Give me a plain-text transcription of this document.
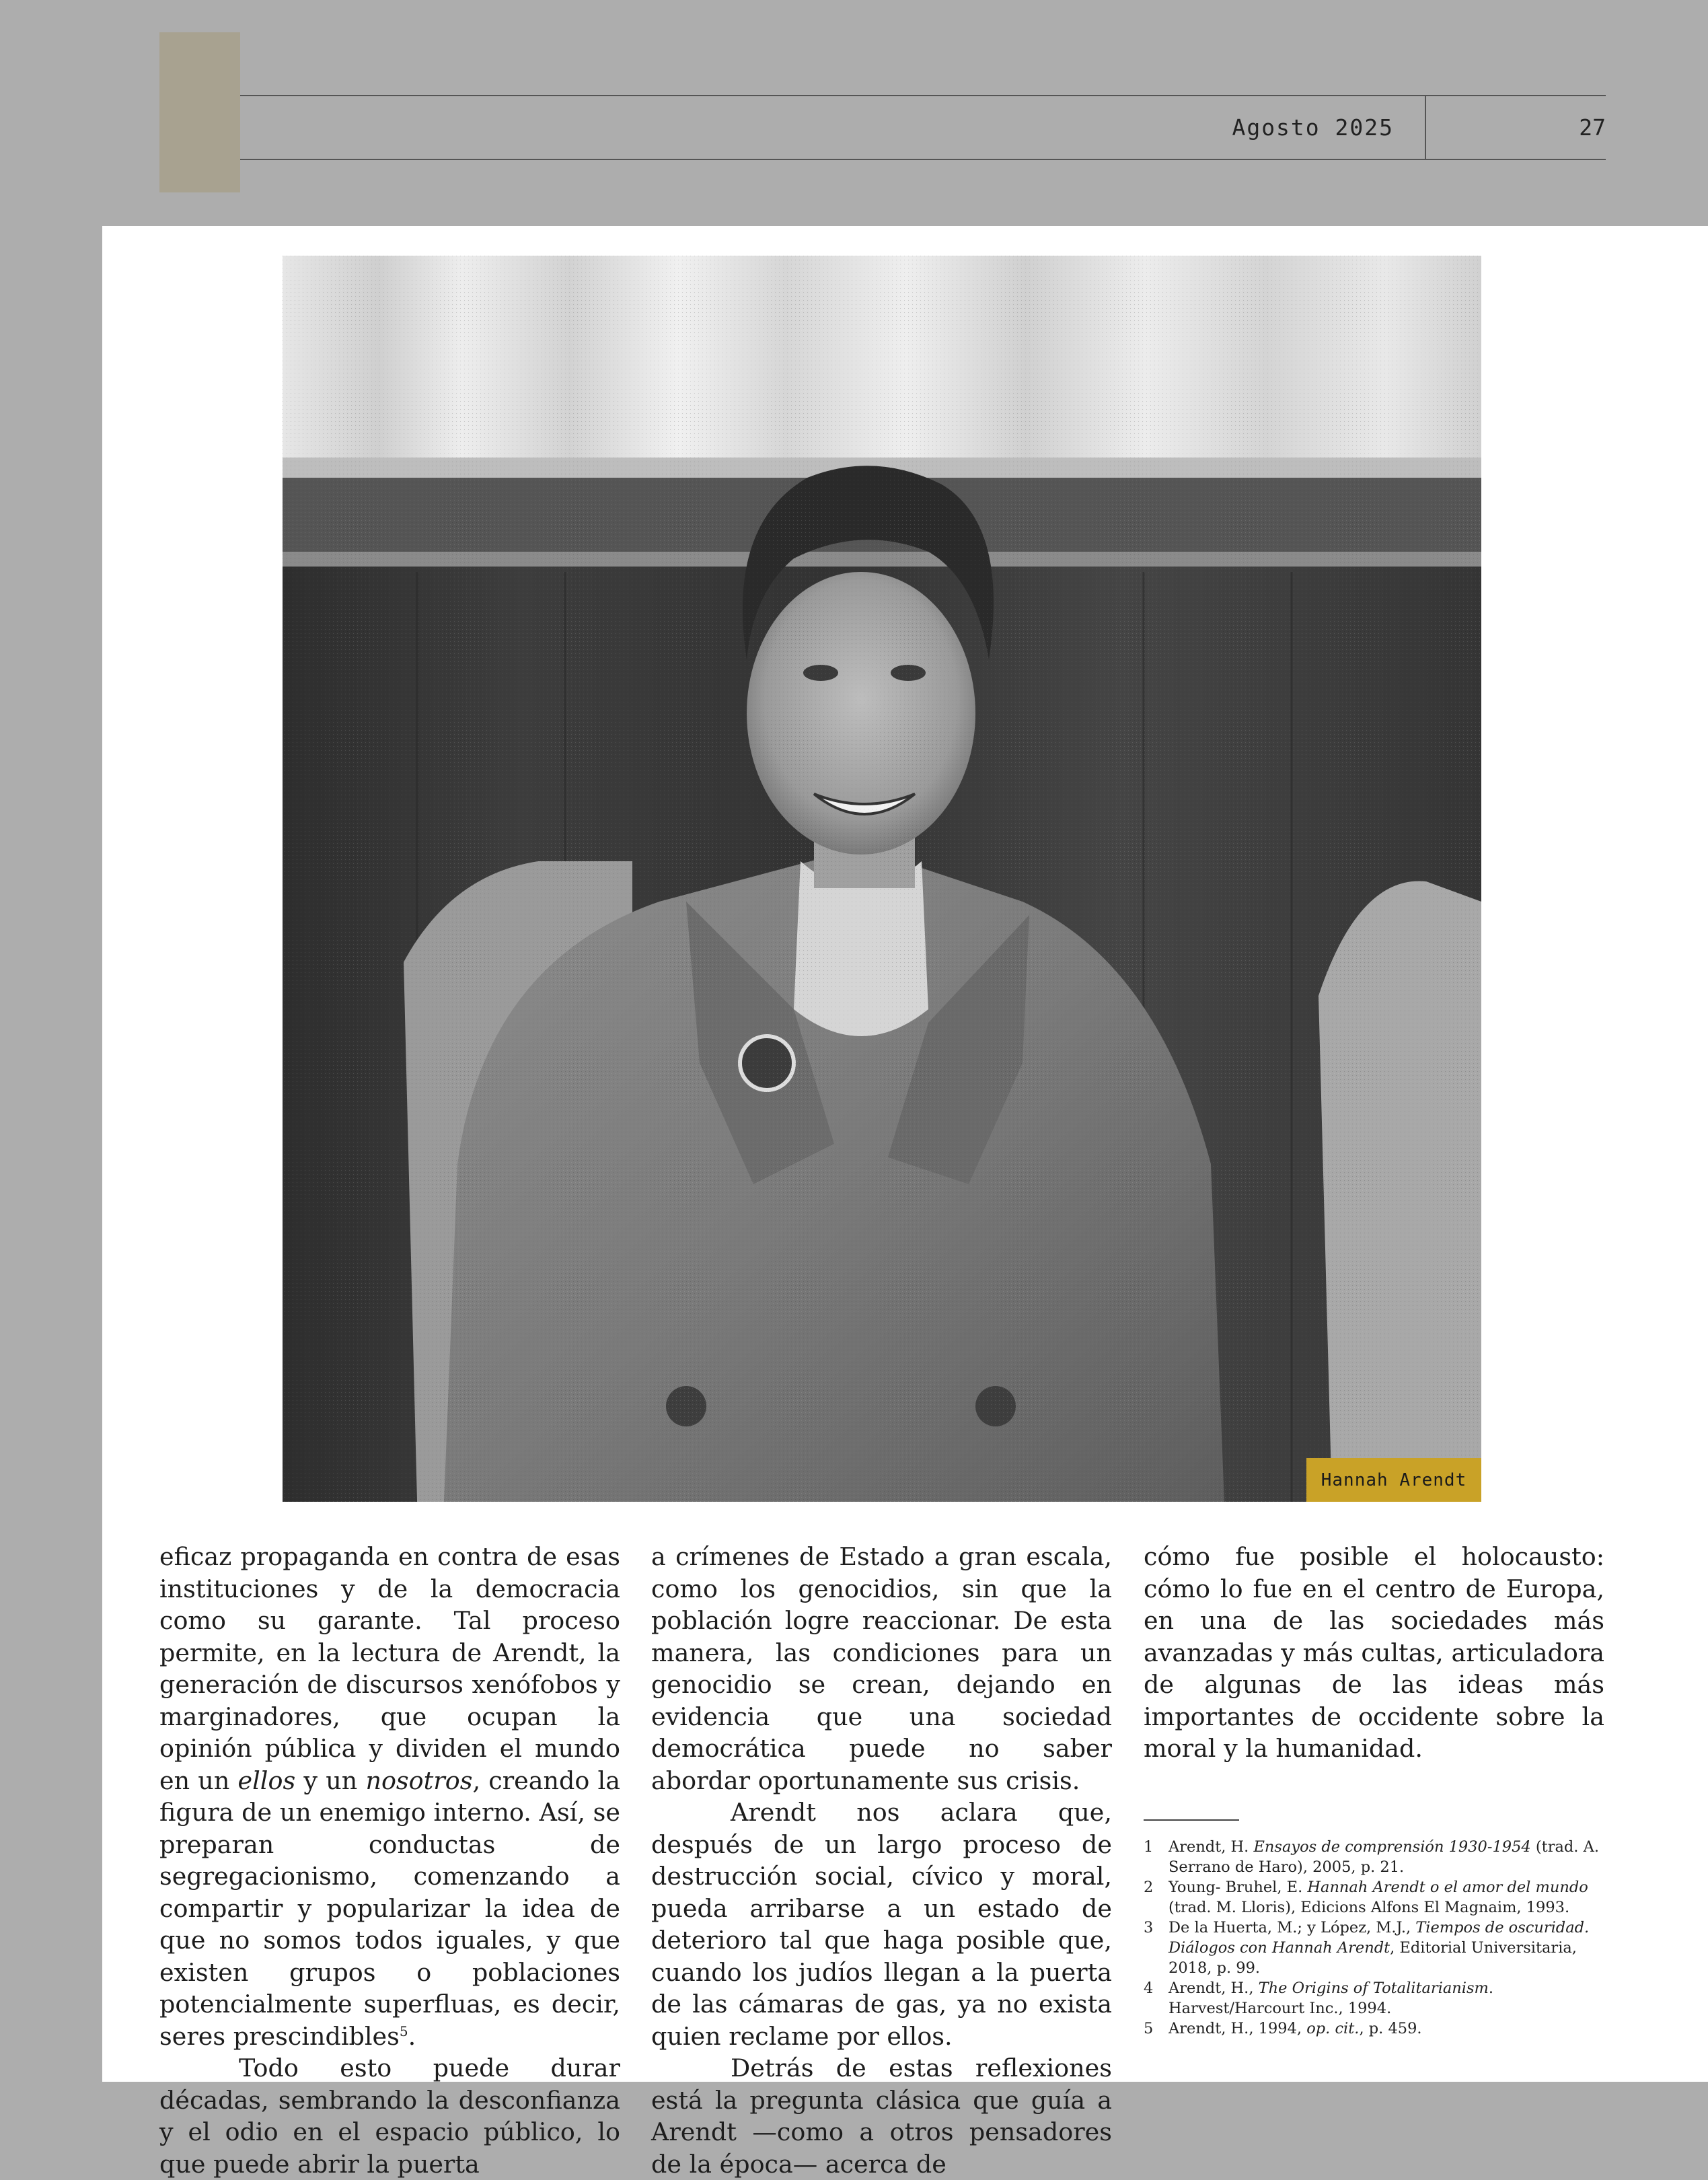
Agosto 2025	27
Hannah Arendt

eficaz propaganda en contra de esas instituciones y de la democracia como su garante. Tal proceso permite, en la lectura de Arendt, la generación de discursos xenófobos y marginadores, que ocupan la opinión pública y dividen el mundo en un ellos y un nosotros, creando la figura de un enemigo interno. Así, se preparan conductas de segregacionismo, comenzando a compartir y popularizar la idea de que no somos todos iguales, y que existen grupos o poblaciones potencialmente superfluas, es decir, seres prescindibles$^5$.

Todo esto puede durar décadas, sembrando la desconfianza y el odio en el espacio público, lo que puede abrir la puerta

a crímenes de Estado a gran escala, como los genocidios, sin que la población logre reaccionar. De esta manera, las condiciones para un genocidio se crean, dejando en evidencia que una sociedad democrática puede no saber abordar oportunamente sus crisis.

Arendt nos aclara que, después de un largo proceso de destrucción social, cívico y moral, pueda arribarse a un estado de deterioro tal que haga posible que, cuando los judíos llegan a la puerta de las cámaras de gas, ya no exista quien reclame por ellos.

Detrás de estas reflexiones está la pregunta clásica que guía a Arendt —como a otros pensadores de la época— acerca de

cómo fue posible el holocausto: cómo lo fue en el centro de Europa, en una de las sociedades más avanzadas y más cultas, articuladora de algunas de las ideas más importantes de occidente sobre la moral y la humanidad.

1	Arendt, H. Ensayos de comprensión 1930-1954 (trad. A. Serrano de Haro), 2005, p. 21.
2	Young- Bruhel, E. Hannah Arendt o el amor del mundo (trad. M. Lloris), Edicions Alfons El Magnaim, 1993.
3	De la Huerta, M.; y López, M.J., Tiempos de oscuridad. Diálogos con Hannah Arendt, Editorial Universitaria, 2018, p. 99.
4	Arendt, H., The Origins of Totalitarianism. Harvest/Harcourt Inc., 1994.
5	Arendt, H., 1994, op. cit., p. 459.
